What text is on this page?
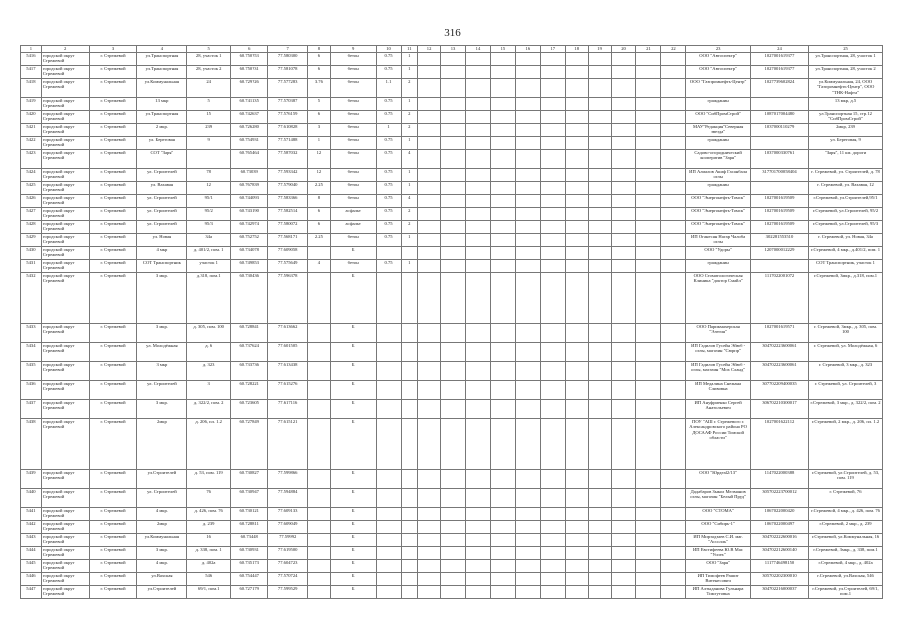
316
1	2	3	4	5	6	7	8	9	10	11	12	13	14	15	16	17	18	19	20	21	22	23	24	25
5416	городской округ Стрежевой	г. Стрежевой	ул.Транспортная	28, участок 1	60.750?53	77.580300	6	бетон	0.75	1												ООО "Автоспектр"	1027001619377	ул.Транспортная, 28, участок 1
5417	городской округ Стрежевой	г. Стрежевой	ул.Транспортная	28, участок 2	60.750?31	77.581078	6	бетон	0.75	1												ООО "Автоспектр"	1027001619377	ул.Транспортная, 28, участок 2
5418	городской округ Стрежевой	г. Стрежевой	ул.Коммунальная	24	60.729?26	77.577283	3.76	бетон	1.1	2												ООО "Газпромнефть-Центр"	1027739602824	ул.Коммунальная, 24, ООО "Газпромнефть-Центр", ООО "ТНК-Нафта"
5419	городской округ Стрежевой	г. Стрежевой	13 мкр	5	60.741135	77.570387	5	бетон	0.75	1												гражданин		13 мкр, д.5
5420	городской округ Стрежевой	г. Стрежевой	ул.Транспортная	15	60.742637	77.576159	6	бетон	0.75	2												ООО "СибПромСтрой"	1087017004480	ул.Транспортная 15, стр.12 "СибПромСтрой"
5421	городской округ Стрежевой	г. Стрежевой	2 мкр.	239	60.726280	77.610828	3	бетон	1	2												МАУ"Редакция"Северная звезда"	1037000110279	2мкр, 239
5422	городской округ Стрежевой	г. Стрежевой	ул. Береговая	9	60.754931	77.571488	1	бетон	0.75	1												гражданин		ул. Береговая, 9
5423	городской округ Стрежевой	г. Стрежевой	СОТ "Заря"		60.765464	77.587032	12	бетон	0.75	4												Садово-огороднический кооператив "Заря"	1037000330761	"Заря", 11 км. дороги
5424	городской округ Стрежевой	г. Стрежевой	ул. Строителей	78	60.73039	77.593342	12	бетон	0.75	1												ИП Алиалов Акиф Гасанбала оглы	317701700058404	г. Стрежевой, ул. Строителей, д. 78
5425	городской округ Стрежевой	г. Стрежевой	ул. Вахавая	12	60.767839	77.579040	2.25	бетон	0.75	1												гражданин		г. Стрежевой, ул. Вахавая, 12
5426	городской округ Стрежевой	г. Стрежевой	ул. Строителей	95/1	60.744093	77.583366	8	бетон	0.75	4												ООО "Энергонефть-Томск"	1027001619509	г.Стрежевой, ул.Строителей,95/1
5427	городской округ Стрежевой	г. Стрежевой	ул. Строителей	95/2	60.743190	77.582514	6	асфальт	0.75	2												ООО "Энергонефть-Томск"	1027001619509	г.Стрежевой, ул.Строителей, 95/2
5428	городской округ Стрежевой	г. Стрежевой	ул. Строителей	95/3	60.742974	77.580072	6	асфальт	0.75	2												ООО "Энергонефть-Томск"	1027001619509	г.Стрежевой, ул.Строителей, 95/3
5429	городской округ Стрежевой	г. Стрежевой	ул. Новая	34а	60.752752	77.568171	2.25	бетон	0.75	1												ИП Оганесян Нагар Чалоба оглы	302281553510	г. Стрежевой, ул. Новая, 34а
5430	городской округ Стрежевой	г. Стрежевой	4 мкр	д. 401/2, пом. 1	60.734078	77.609058		Б														ООО "Удоры"	1207000012229	г.Стрежевой, 4 мкр., д.401/2, пом. 1
5431	городской округ Стрежевой	г. Стрежевой	СОТ Транспортник	участок 1	60.749853	77.575649	4	бетон	0.75	1												гражданин		СОТ Транспортник, участок 1
5432	городской округ Стрежевой	г. Стрежевой	3 мкр.	д.318, пом.1	60.730436	77.596378		Б														ООО Стоматологическая Клиника "доктор Смайл"	1117022001072	г.Стрежевой, 3мкр., д.318, пом.1
5433	городской округ Стрежевой	г. Стрежевой	3 мкр.	д. 305, пом. 100	60.728841	77.613662		Б														ООО Парикмахерская "Элегия"	1027001619571	г. Стрежевой, 3мкр., д. 305, пом. 100
5434	городской округ Стрежевой	г. Стрежевой	ул. Молодёжная	д. 6	60.737624	77.601505		Б														ИП Гадилов Гусейн Эйюб - оглы, магазин "Сюрпр"	304702223600061	г. Стрежевой, ул. Молодёжная, 6
5435	городской округ Стрежевой	г. Стрежевой	3 мкр	д. 323	60.733736	77.613438		Б														ИП Гадилов Гусейн Эйюб - оглы, магазин "Мох Сланд"	304702223600061	г. Стрежевой, 3 мкр., д. 323
5436	городской округ Стрежевой	г. Стрежевой	ул. Строителей	3	60.728221	77.615276		Б														ИП Медалина Снежана Сливовна	307702209400035	г. Стрежевой, ул. Строителей, 3
5437	городской округ Стрежевой	г. Стрежевой	3 мкр.	д. 322/2, пом. 2	60.723605	77.617116		Б														ИП Ануфриенко Сергей Анатольевич	306702210300017	г.Стрежевой, 3 мкр., д. 322/2, пом. 2
5438	городской округ Стрежевой	г. Стрежевой	2мкр	д. 206, пл. 1.2	60.727849	77.615121		Б														ПОУ "АШ г. Стрежевого г. Александровского района РО ДОСААФ России Томской области"	1027001622112	г.Стрежевой, 2 мкр., д. 206, пл. 1.2
5439	городской округ Стрежевой	г. Стрежевой	ул.Строителей	д. 53, пом. 119	60.730827	77.599866		Б														ООО "Юрдеаl2/13"	1147022000388	г.Стрежевой, ул.Строителей, д. 53, пом. 119
5440	городской округ Стрежевой	г. Стрежевой	ул. Строителей	76	60.730947	77.594884		Б														Дадабаров Зыкол Мелманов оглы, магазин "Белый Пруд"	305702223700012	г. Стрежевой, 76
5441	городской округ Стрежевой	г. Стрежевой	4 мкр.	д. 426, пом. 76	60.730121	77.609133		Б														ООО "СТОМА"	1067022000420	г.Стрежевой, 4 мкр., д. 426, пом. 76
5442	городской округ Стрежевой	г. Стрежевой	2мкр	д. 239	60.728811	77.609049		Б														ООО "Сибирь-1"	1067022000497	г.Стрежевой, 2 мкр., д. 239
5443	городской округ Стрежевой	г. Стрежевой	ул.Коммунальная	16	60.73448	77.59992		Б														ИП Мирзадзаев С.И. маг. "Ассолль"	304702222600016	г.Стрежевой, ул.Коммунальная, 16
5444	городской округ Стрежевой	г. Стрежевой	3 мкр.	д. 338, пом. 1	60.730931	77.619500		Б														ИП Евстифеева Ю.В Маг. "Успех"	304702212600140	г.Стрежевой, 3мкр., д. 338, пом.1
5445	городской округ Стрежевой	г. Стрежевой	4 мкр.	д. 402а	60.735173	77.604723		Б														ООО "Заря"	1117746498150	г.Стрежевой, 4 мкр., д. 402а
5446	городской округ Стрежевой	г. Стрежевой	ул.Вахская	546	60.754447	77.570724		Б														ИП Тимофеев Рашит Витенесович	305702202300010	г.Стрежевой, ул.Вахская, 546
5447	городской округ Стрежевой	г. Стрежевой	ул.Строителей	69/1, пом.1	60.727179	77.599529		Б														ИП Алтыданова Гульнара Тимгутовна	304702216000037	г.Стрежевой, ул.Строителей, 69/1, пом.1
